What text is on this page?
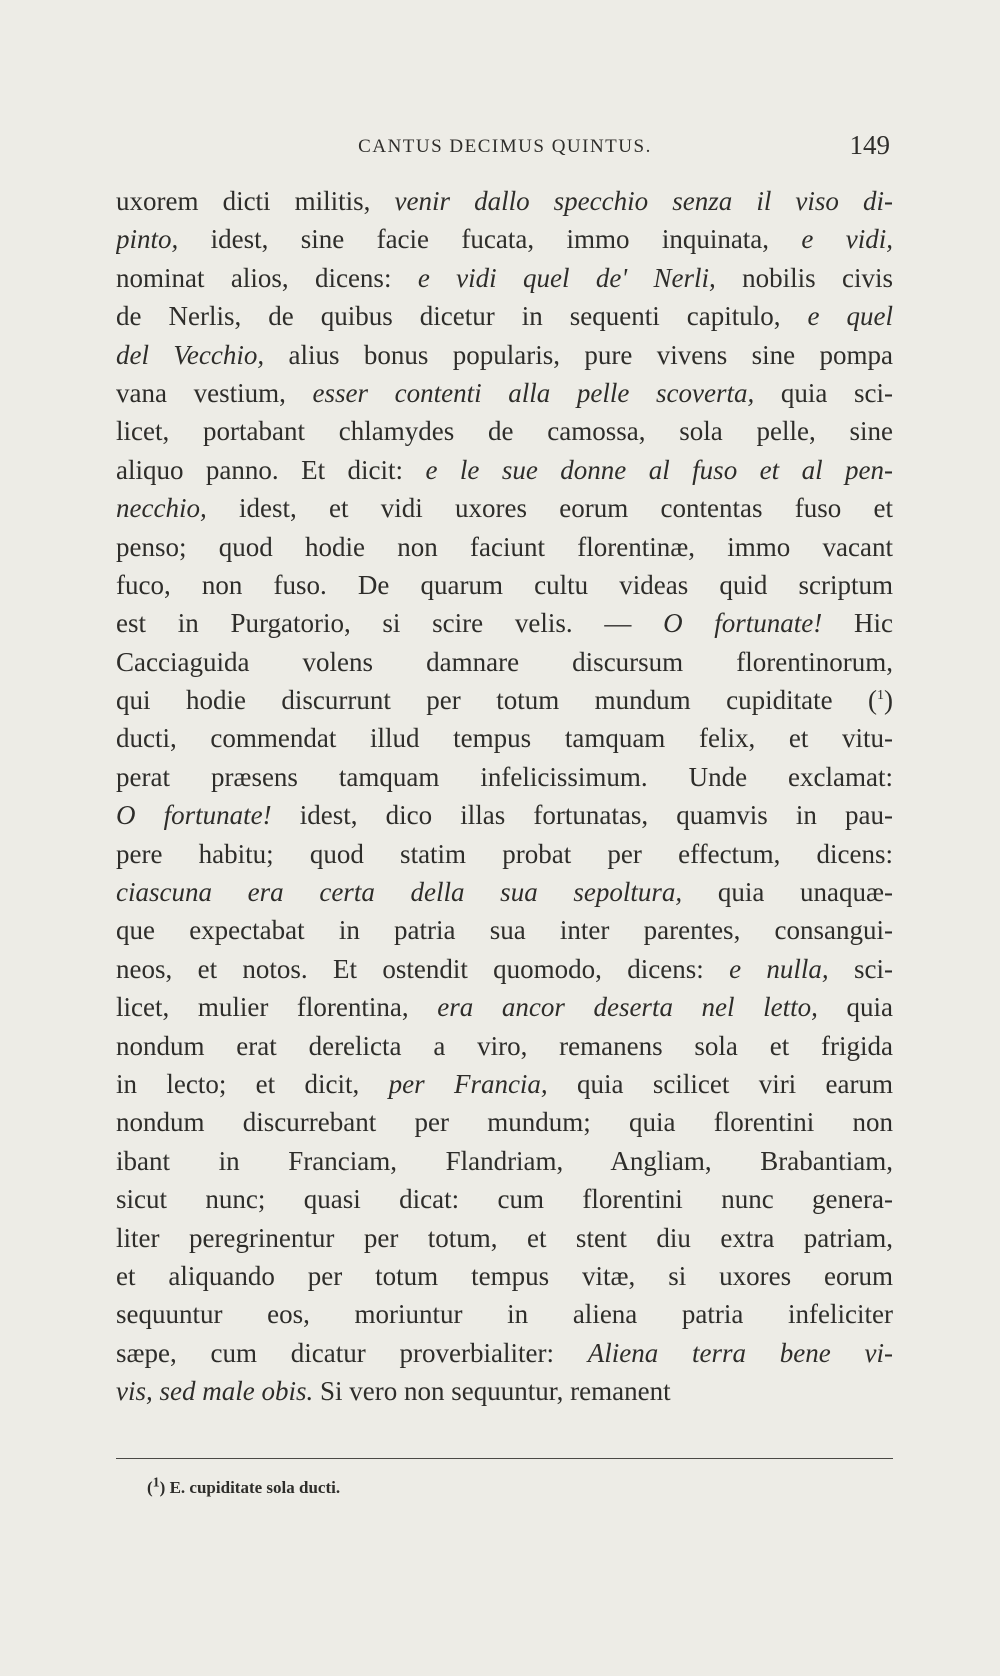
CANTUS DECIMUS QUINTUS.	149
uxorem dicti militis, venir dallo specchio senza il viso di-
pinto, idest, sine facie fucata, immo inquinata, e vidi,
nominat alios, dicens: e vidi quel de' Nerli, nobilis civis
de Nerlis, de quibus dicetur in sequenti capitulo, e quel
del Vecchio, alius bonus popularis, pure vivens sine pompa
vana vestium, esser contenti alla pelle scoverta, quia sci-
licet, portabant chlamydes de camossa, sola pelle, sine
aliquo panno. Et dicit: e le sue donne al fuso et al pen-
necchio, idest, et vidi uxores eorum contentas fuso et
penso; quod hodie non faciunt florentinæ, immo vacant
fuco, non fuso. De quarum cultu videas quid scriptum
est in Purgatorio, si scire velis. — O fortunate! Hic
Cacciaguida volens damnare discursum florentinorum,
qui hodie discurrunt per totum mundum cupiditate ($^1$)
ducti, commendat illud tempus tamquam felix, et vitu-
perat præsens tamquam infelicissimum. Unde exclamat:
O fortunate! idest, dico illas fortunatas, quamvis in pau-
pere habitu; quod statim probat per effectum, dicens:
ciascuna era certa della sua sepoltura, quia unaquæ-
que expectabat in patria sua inter parentes, consangui-
neos, et notos. Et ostendit quomodo, dicens: e nulla, sci-
licet, mulier florentina, era ancor deserta nel letto, quia
nondum erat derelicta a viro, remanens sola et frigida
in lecto; et dicit, per Francia, quia scilicet viri earum
nondum discurrebant per mundum; quia florentini non
ibant in Franciam, Flandriam, Angliam, Brabantiam,
sicut nunc; quasi dicat: cum florentini nunc genera-
liter peregrinentur per totum, et stent diu extra patriam,
et aliquando per totum tempus vitæ, si uxores eorum
sequuntur eos, moriuntur in aliena patria infeliciter
sæpe, cum dicatur proverbialiter: Aliena terra bene vi-
vis, sed male obis. Si vero non sequuntur, remanent
($^1$) E. cupiditate sola ducti.
